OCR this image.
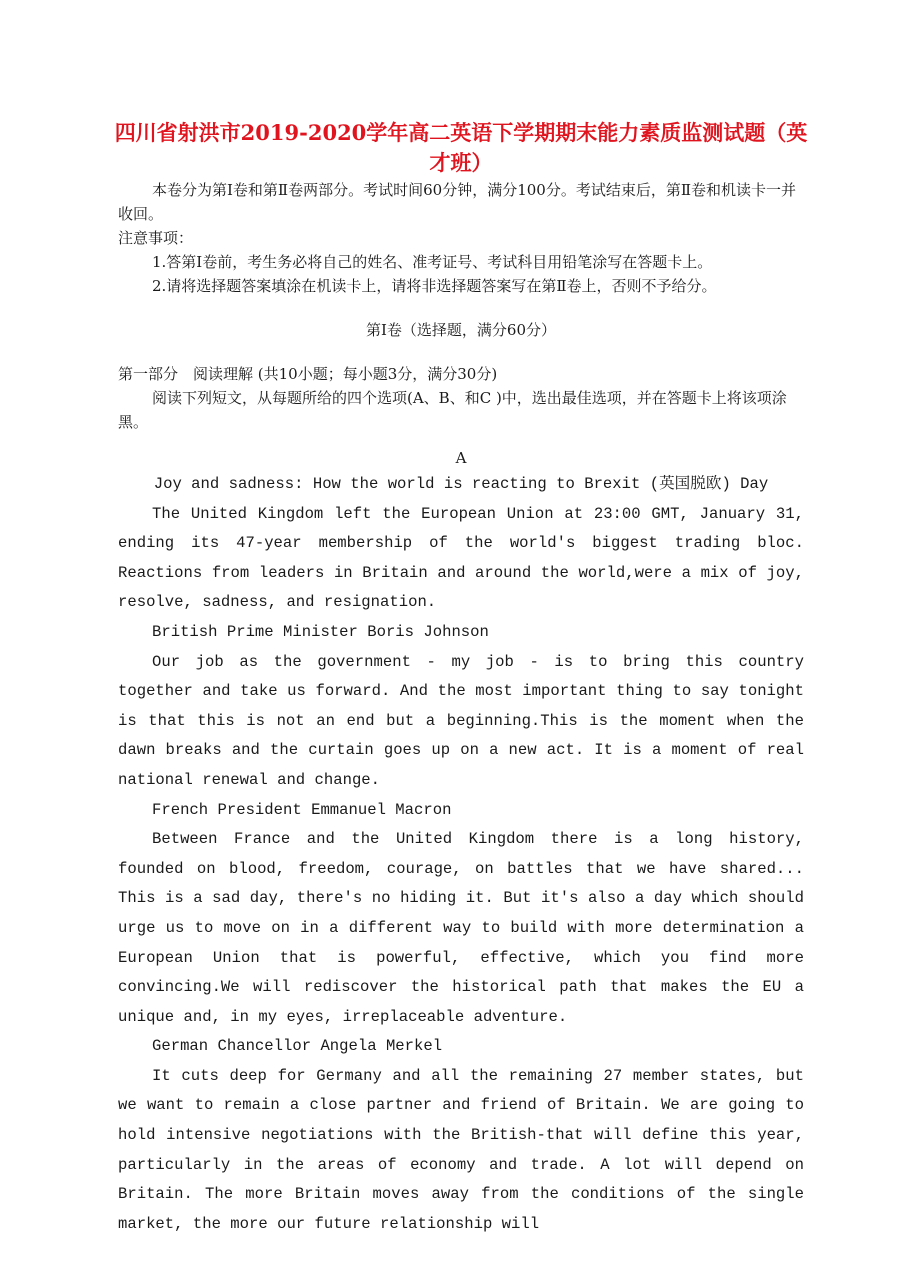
四川省射洪市2019-2020学年高二英语下学期期末能力素质监测试题（英才班）
本卷分为第Ⅰ卷和第Ⅱ卷两部分。考试时间60分钟，满分100分。考试结束后，第Ⅱ卷和机读卡一并收回。
注意事项：
1.答第Ⅰ卷前，考生务必将自己的姓名、准考证号、考试科目用铅笔涂写在答题卡上。
2.请将选择题答案填涂在机读卡上，请将非选择题答案写在第Ⅱ卷上，否则不予给分。
第Ⅰ卷（选择题，满分60分）
第一部分　阅读理解 (共10小题；每小题3分，满分30分)
阅读下列短文，从每题所给的四个选项(A、B、和C )中，选出最佳选项，并在答题卡上将该项涂黑。
A
Joy and sadness: How the world is reacting to Brexit (英国脱欧) Day
The United Kingdom left the European Union at 23:00 GMT, January 31, ending its 47-year membership of the world's biggest trading bloc. Reactions from leaders in Britain and around the world,were a mix of joy, resolve, sadness, and resignation.
British Prime Minister Boris Johnson
Our job as the government - my job - is to bring this country together and take us forward. And the most important thing to say tonight is that this is not an end but a beginning.This is the moment when the dawn breaks and the curtain goes up on a new act. It is a moment of real national renewal and change.
French President Emmanuel Macron
Between France and the United Kingdom there is a long history, founded on blood, freedom, courage, on battles that we have shared... This is a sad day, there's no hiding it. But it's also a day which should urge us to move on in a different way to build with more determination a European Union that is powerful, effective, which you find more convincing.We will rediscover the historical path that makes the EU a unique and, in my eyes, irreplaceable adventure.
German Chancellor Angela Merkel
It cuts deep for Germany and all the remaining 27 member states, but we want to remain a close partner and friend of Britain. We are going to hold intensive negotiations with the British-that will define this year, particularly in the areas of economy and trade. A lot will depend on Britain. The more Britain moves away from the conditions of the single market, the more our future relationship will
